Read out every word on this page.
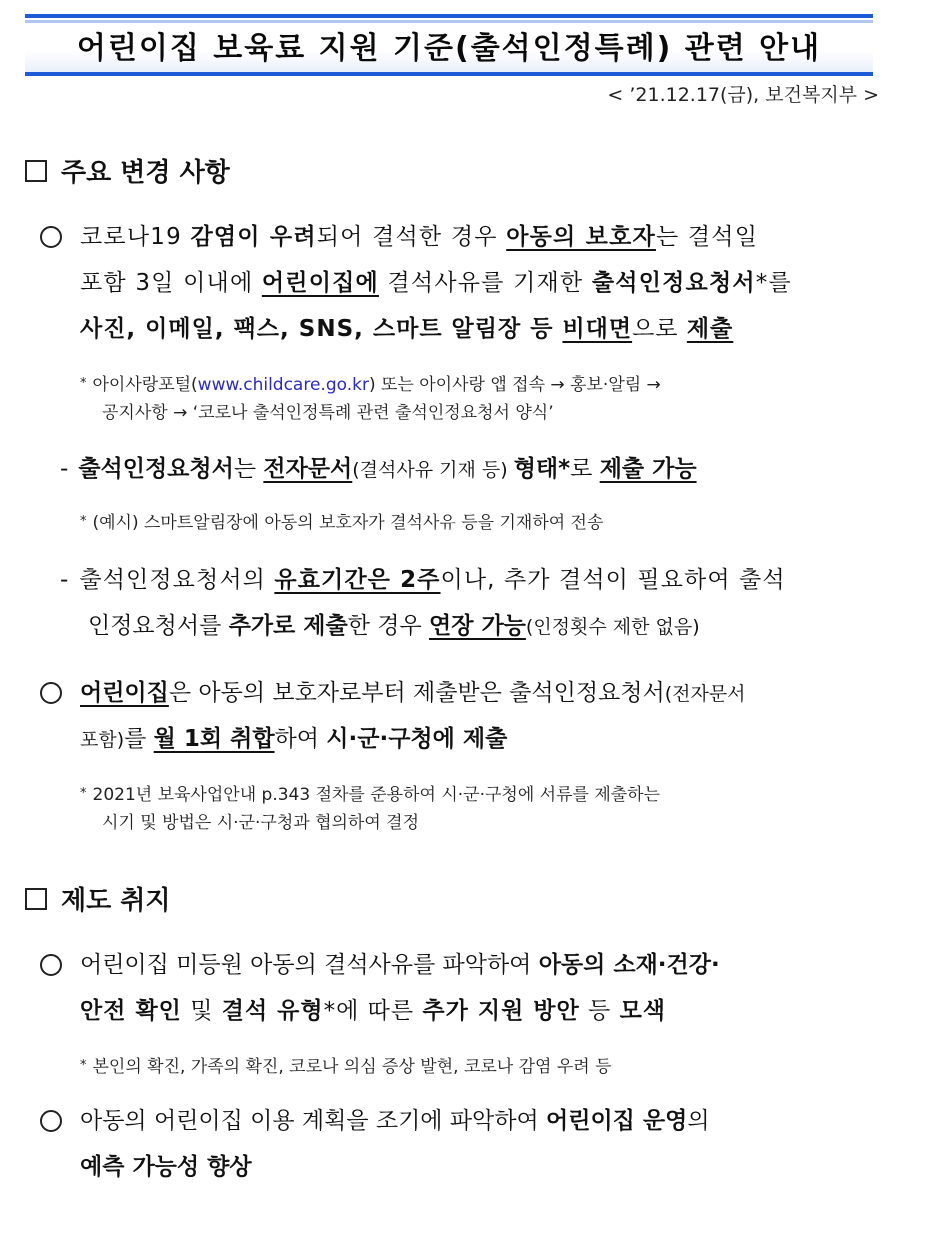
어린이집 보육료 지원 기준(출석인정특례) 관련 안내
< ’21.12.17(금), 보건복지부 >
주요 변경 사항
코로나19 감염이 우려되어 결석한 경우 아동의 보호자는 결석일
포함 3일 이내에 어린이집에 결석사유를 기재한 출석인정요청서*를
사진, 이메일, 팩스, SNS, 스마트 알림장 등 비대면으로 제출
* 아이사랑포털(www.childcare.go.kr) 또는 아이사랑 앱 접속 → 홍보·알림 →
공지사항 → ‘코로나 출석인정특례 관련 출석인정요청서 양식’
- 출석인정요청서는 전자문서(결석사유 기재 등) 형태*로 제출 가능
* (예시) 스마트알림장에 아동의 보호자가 결석사유 등을 기재하여 전송
- 출석인정요청서의 유효기간은 2주이나, 추가 결석이 필요하여 출석
인정요청서를 추가로 제출한 경우 연장 가능(인정횟수 제한 없음)
어린이집은 아동의 보호자로부터 제출받은 출석인정요청서(전자문서
포함)를 월 1회 취합하여 시·군·구청에 제출
* 2021년 보육사업안내 p.343 절차를 준용하여 시·군·구청에 서류를 제출하는
시기 및 방법은 시·군·구청과 협의하여 결정
제도 취지
어린이집 미등원 아동의 결석사유를 파악하여 아동의 소재·건강·
안전 확인 및 결석 유형*에 따른 추가 지원 방안 등 모색
* 본인의 확진, 가족의 확진, 코로나 의심 증상 발현, 코로나 감염 우려 등
아동의 어린이집 이용 계획을 조기에 파악하여 어린이집 운영의
예측 가능성 향상
